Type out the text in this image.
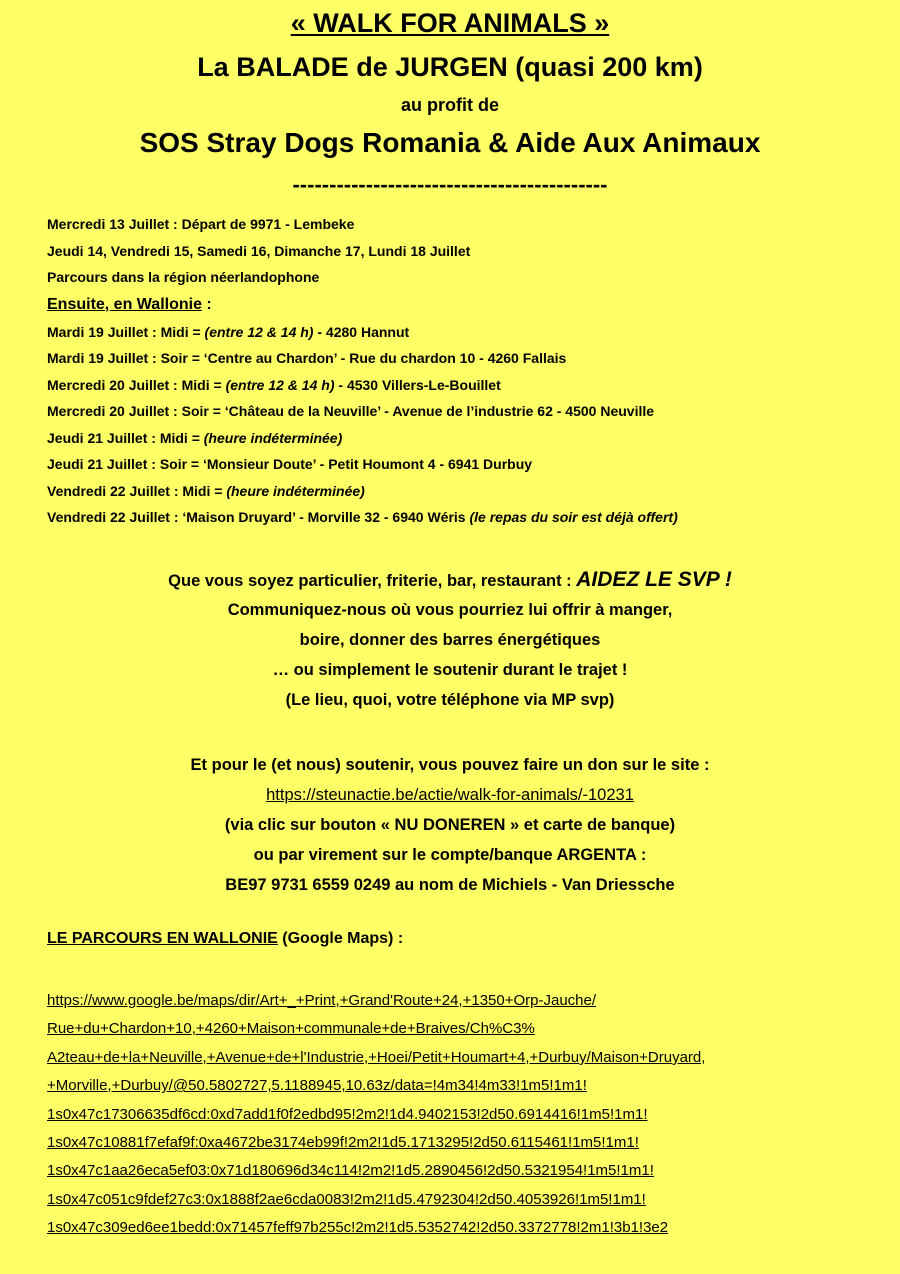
« WALK FOR ANIMALS »
La BALADE de JURGEN (quasi 200 km)
au profit de
SOS Stray Dogs Romania & Aide Aux Animaux
-------------------------------------------
Mercredi 13 Juillet : Départ de 9971 - Lembeke
Jeudi 14, Vendredi 15, Samedi 16, Dimanche 17, Lundi 18 Juillet
Parcours dans la région néerlandophone
Ensuite, en Wallonie :
Mardi 19 Juillet : Midi = (entre 12 & 14 h) - 4280 Hannut
Mardi 19 Juillet : Soir = ‘Centre au Chardon’ - Rue du chardon 10 - 4260 Fallais
Mercredi 20 Juillet : Midi = (entre 12 & 14 h) - 4530 Villers-Le-Bouillet
Mercredi 20 Juillet : Soir = ‘Château de la Neuville’ - Avenue de l’industrie 62 - 4500 Neuville
Jeudi 21 Juillet : Midi = (heure indéterminée)
Jeudi 21 Juillet : Soir = ‘Monsieur Doute’ - Petit Houmont 4 - 6941 Durbuy
Vendredi 22 Juillet : Midi = (heure indéterminée)
Vendredi 22 Juillet : ‘Maison Druyard’ - Morville 32 - 6940 Wéris (le repas du soir est déjà offert)
Que vous soyez particulier, friterie, bar, restaurant : AIDEZ LE SVP !
Communiquez-nous où vous pourriez lui offrir à manger,
boire, donner des barres énergétiques
… ou simplement le soutenir durant le trajet !
(Le lieu, quoi, votre téléphone via MP svp)
Et pour le (et nous) soutenir, vous pouvez faire un don sur le site :
https://steunactie.be/actie/walk-for-animals/-10231
(via clic sur bouton « NU DONEREN » et carte de banque)
ou par virement sur le compte/banque ARGENTA :
BE97 9731 6559 0249 au nom de Michiels - Van Driessche
LE PARCOURS EN WALLONIE (Google Maps) :
https://www.google.be/maps/dir/Art+_+Print,+Grand'Route+24,+1350+Orp-Jauche/
Rue+du+Chardon+10,+4260+Maison+communale+de+Braives/Ch%C3%
A2teau+de+la+Neuville,+Avenue+de+l'Industrie,+Hoei/Petit+Houmart+4,+Durbuy/Maison+Druyard,
+Morville,+Durbuy/@50.5802727,5.1188945,10.63z/data=!4m34!4m33!1m5!1m1!
1s0x47c17306635df6cd:0xd7add1f0f2edbd95!2m2!1d4.9402153!2d50.6914416!1m5!1m1!
1s0x47c10881f7efaf9f:0xa4672be3174eb99f!2m2!1d5.1713295!2d50.6115461!1m5!1m1!
1s0x47c1aa26eca5ef03:0x71d180696d34c114!2m2!1d5.2890456!2d50.5321954!1m5!1m1!
1s0x47c051c9fdef27c3:0x1888f2ae6cda0083!2m2!1d5.4792304!2d50.4053926!1m5!1m1!
1s0x47c309ed6ee1bedd:0x71457feff97b255c!2m2!1d5.5352742!2d50.3372778!2m1!3b1!3e2
